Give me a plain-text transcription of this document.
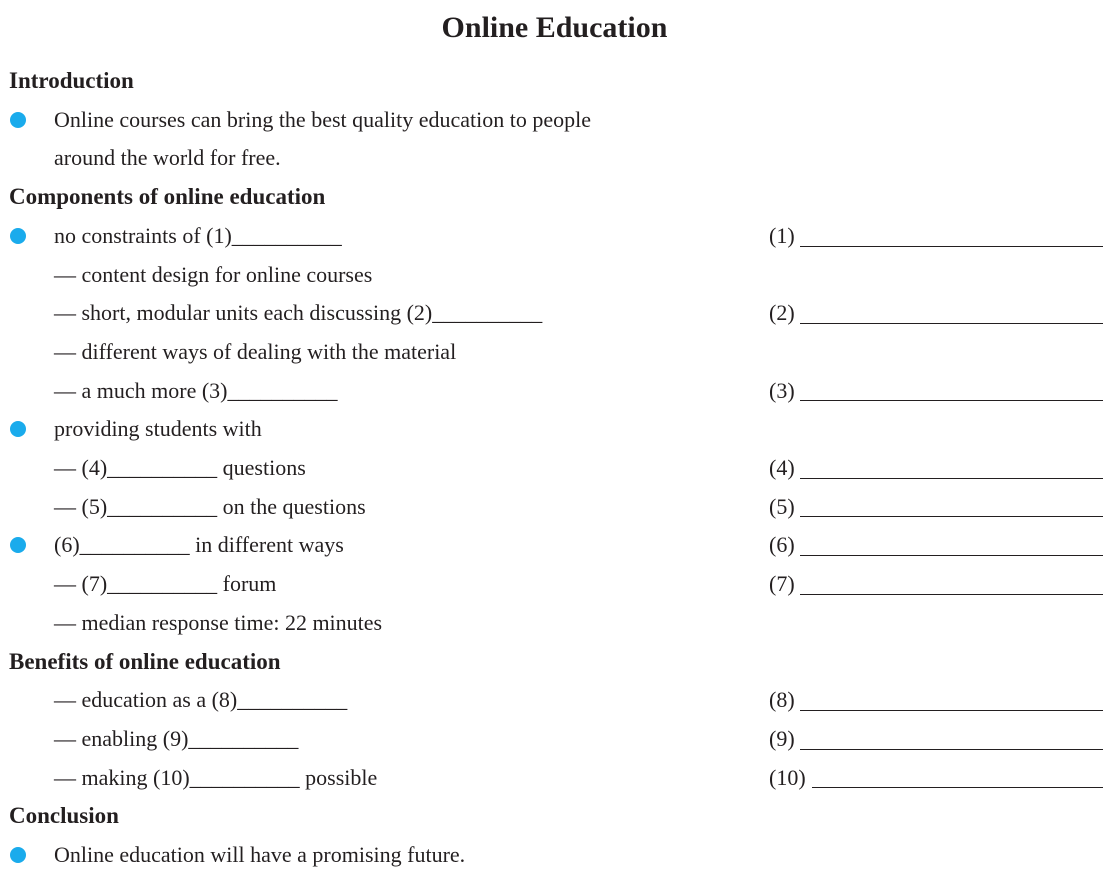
Online Education
Introduction
Online courses can bring the best quality education to people
around the world for free.
Components of online education
no constraints of (1)__________	(1)
— content design for online courses
— short, modular units each discussing (2)__________	(2)
— different ways of dealing with the material
— a much more (3)__________	(3)
providing students with
— (4)__________ questions	(4)
— (5)__________ on the questions	(5)
(6)__________ in different ways	(6)
— (7)__________ forum	(7)
— median response time: 22 minutes
Benefits of online education
— education as a (8)__________	(8)
— enabling (9)__________	(9)
— making (10)__________ possible	(10)
Conclusion
Online education will have a promising future.
